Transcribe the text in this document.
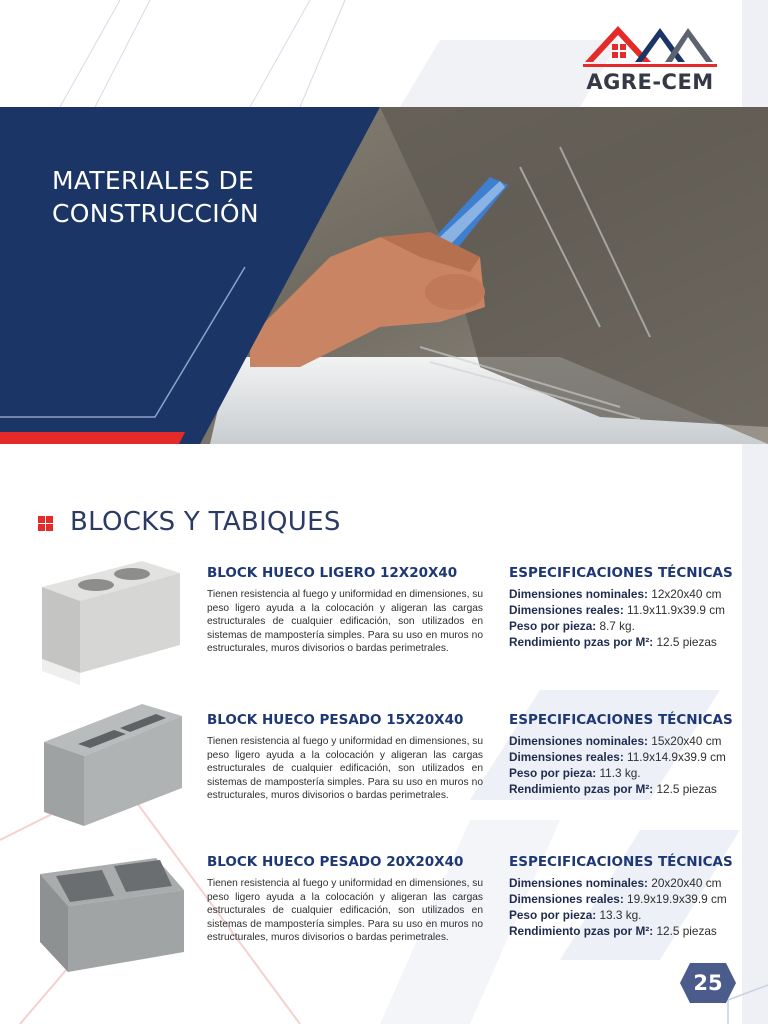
AGRE-CEM
MATERIALES DE
CONSTRUCCIÓN
BLOCKS Y TABIQUES
BLOCK HUECO LIGERO 12X20X40
Tienen resistencia al fuego y uniformidad en dimensiones, su peso ligero ayuda a la colocación y aligeran las cargas estructurales de cualquier edificación, son utilizados en sistemas de mampostería simples. Para su uso en muros no estructurales, muros divisorios o bardas perimetrales.
ESPECIFICACIONES TÉCNICAS
Dimensiones nominales: 12x20x40 cm
Dimensiones reales: 11.9x11.9x39.9 cm
Peso por pieza: 8.7 kg.
Rendimiento pzas por M²: 12.5 piezas
BLOCK HUECO PESADO 15X20X40
Tienen resistencia al fuego y uniformidad en dimensiones, su peso ligero ayuda a la colocación y aligeran las cargas estructurales de cualquier edificación, son utilizados en sistemas de mampostería simples. Para su uso en muros no estructurales, muros divisorios o bardas perimetrales.
ESPECIFICACIONES TÉCNICAS
Dimensiones nominales: 15x20x40 cm
Dimensiones reales: 11.9x14.9x39.9 cm
Peso por pieza: 11.3 kg.
Rendimiento pzas por M²: 12.5 piezas
BLOCK HUECO PESADO 20X20X40
Tienen resistencia al fuego y uniformidad en dimensiones, su peso ligero ayuda a la colocación y aligeran las cargas estructurales de cualquier edificación, son utilizados en sistemas de mampostería simples. Para su uso en muros no estructurales, muros divisorios o bardas perimetrales.
ESPECIFICACIONES TÉCNICAS
Dimensiones nominales: 20x20x40 cm
Dimensiones reales: 19.9x19.9x39.9 cm
Peso por pieza: 13.3 kg.
Rendimiento pzas por M²: 12.5 piezas
25
